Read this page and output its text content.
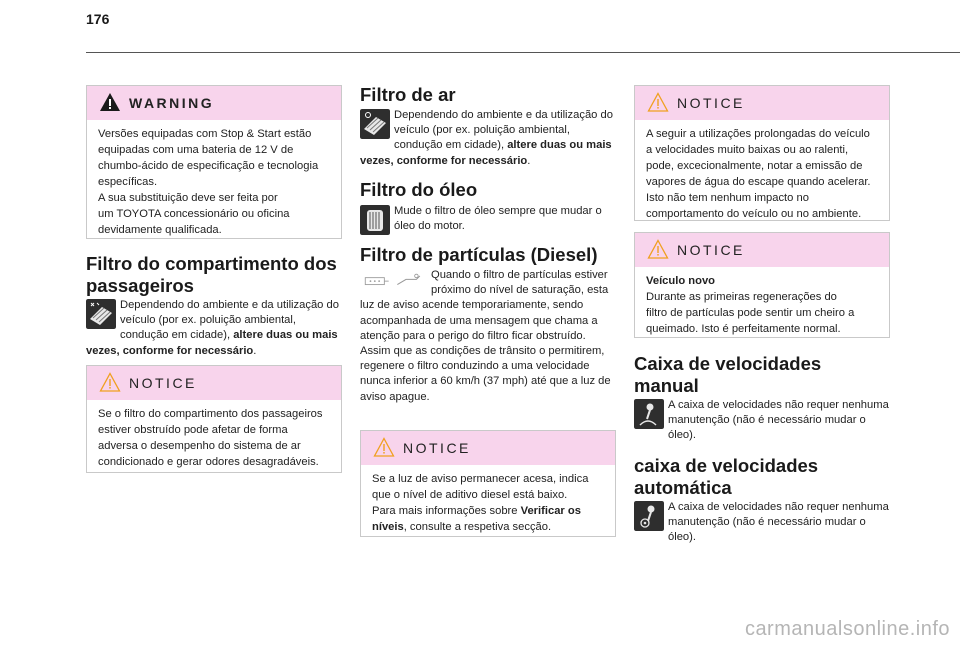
176
WARNING
Versões equipadas com Stop & Start estão
equipadas com uma bateria de 12 V de
chumbo-ácido de especificação e tecnologia
específicas.
A sua substituição deve ser feita por
um TOYOTA concessionário ou oficina
devidamente qualificada.
Filtro do compartimento dos
passageiros
Dependendo do ambiente e da utilização do veículo (por ex. poluição ambiental, condução em cidade), altere duas ou mais vezes, conforme for necessário.
NOTICE
Se o filtro do compartimento dos passageiros
estiver obstruído pode afetar de forma
adversa o desempenho do sistema de ar
condicionado e gerar odores desagradáveis.
Filtro de ar
Dependendo do ambiente e da utilização do veículo (por ex. poluição ambiental, condução em cidade), altere duas ou mais vezes, conforme for necessário.
Filtro do óleo
Mude o filtro de óleo sempre que mudar o óleo do motor.
Filtro de partículas (Diesel)
Quando o filtro de partículas estiver próximo do nível de saturação, esta luz de aviso acende temporariamente, sendo acompanhada de uma mensagem que chama a atenção para o perigo do filtro ficar obstruído.
Assim que as condições de trânsito o permitirem, regenere o filtro conduzindo a uma velocidade nunca inferior a 60 km/h (37 mph) até que a luz de aviso apague.
NOTICE
Se a luz de aviso permanecer acesa, indica que o nível de aditivo diesel está baixo.
Para mais informações sobre Verificar os níveis, consulte a respetiva secção.
NOTICE
A seguir a utilizações prolongadas do veículo
a velocidades muito baixas ou ao ralenti,
pode, excecionalmente, notar a emissão de
vapores de água do escape quando acelerar.
Isto não tem nenhum impacto no
comportamento do veículo ou no ambiente.
NOTICE
Veículo novo
Durante as primeiras regenerações do
filtro de partículas pode sentir um cheiro a
queimado. Isto é perfeitamente normal.
Caixa de velocidades
manual
A caixa de velocidades não requer nenhuma manutenção (não é necessário mudar o óleo).
caixa de velocidades
automática
A caixa de velocidades não requer nenhuma manutenção (não é necessário mudar o óleo).
carmanualsonline.info
